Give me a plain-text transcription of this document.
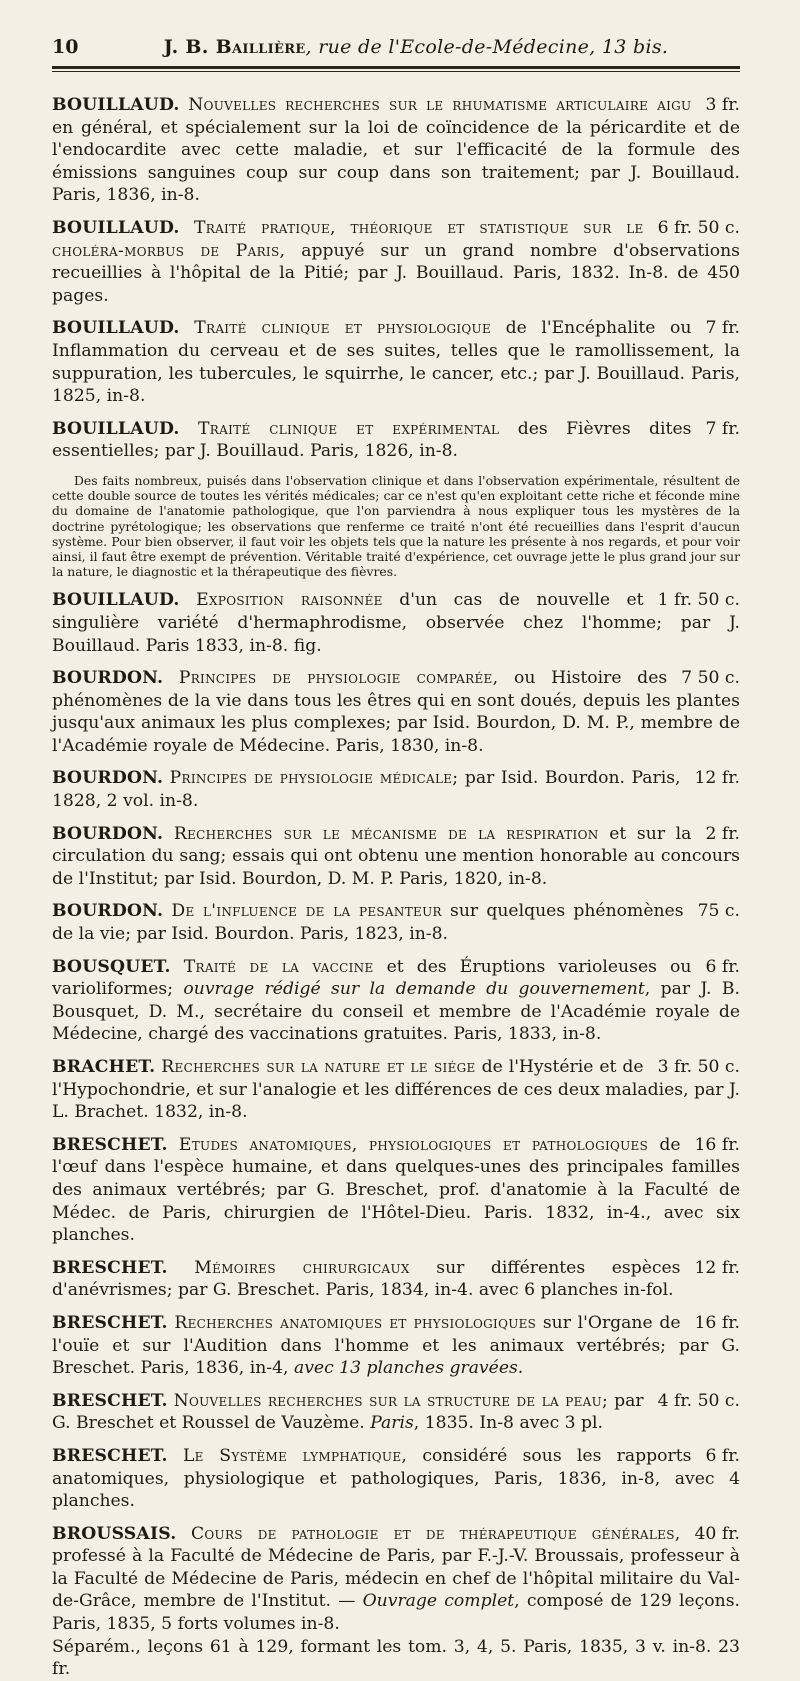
10	J. B. Baillière, rue de l'Ecole-de-Médecine, 13 bis.
3 fr.
BOUILLAUD. Nouvelles recherches sur le rhumatisme articulaire aigu en général, et spécialement sur la loi de coïncidence de la péricardite et de l'endocardite avec cette maladie, et sur l'efficacité de la formule des émissions sanguines coup sur coup dans son traitement; par J. Bouillaud. Paris, 1836, in-8.
6 fr. 50 c.
BOUILLAUD. Traité pratique, théorique et statistique sur le choléra-morbus de Paris, appuyé sur un grand nombre d'observations recueillies à l'hôpital de la Pitié; par J. Bouillaud. Paris, 1832. In-8. de 450 pages.
7 fr.
BOUILLAUD. Traité clinique et physiologique de l'Encéphalite ou Inflammation du cerveau et de ses suites, telles que le ramollissement, la suppuration, les tubercules, le squirrhe, le cancer, etc.; par J. Bouillaud. Paris, 1825, in-8.
7 fr.
BOUILLAUD. Traité clinique et expérimental des Fièvres dites essentielles; par J. Bouillaud. Paris, 1826, in-8.
Des faits nombreux, puisés dans l'observation clinique et dans l'observation expérimentale, résultent de cette double source de toutes les vérités médicales; car ce n'est qu'en exploitant cette riche et féconde mine du domaine de l'anatomie pathologique, que l'on parviendra à nous expliquer tous les mystères de la doctrine pyrétologique; les observations que renferme ce traité n'ont été recueillies dans l'esprit d'aucun système. Pour bien observer, il faut voir les objets tels que la nature les présente à nos regards, et pour voir ainsi, il faut être exempt de prévention. Véritable traité d'expérience, cet ouvrage jette le plus grand jour sur la nature, le diagnostic et la thérapeutique des fièvres.
1 fr. 50 c.
BOUILLAUD. Exposition raisonnée d'un cas de nouvelle et singulière variété d'hermaphrodisme, observée chez l'homme; par J. Bouillaud. Paris 1833, in-8. fig.
7 50 c.
BOURDON. Principes de physiologie comparée, ou Histoire des phénomènes de la vie dans tous les êtres qui en sont doués, depuis les plantes jusqu'aux animaux les plus complexes; par Isid. Bourdon, D. M. P., membre de l'Académie royale de Médecine. Paris, 1830, in-8.
12 fr.
BOURDON. Principes de physiologie médicale; par Isid. Bourdon. Paris, 1828, 2 vol. in-8.
2 fr.
BOURDON. Recherches sur le mécanisme de la respiration et sur la circulation du sang; essais qui ont obtenu une mention honorable au concours de l'Institut; par Isid. Bourdon, D. M. P. Paris, 1820, in-8.
75 c.
BOURDON. De l'influence de la pesanteur sur quelques phénomènes de la vie; par Isid. Bourdon. Paris, 1823, in-8.
6 fr.
BOUSQUET. Traité de la vaccine et des Éruptions varioleuses ou varioliformes; ouvrage rédigé sur la demande du gouvernement, par J. B. Bousquet, D. M., secrétaire du conseil et membre de l'Académie royale de Médecine, chargé des vaccinations gratuites. Paris, 1833, in-8.
3 fr. 50 c.
BRACHET. Recherches sur la nature et le siége de l'Hystérie et de l'Hypochondrie, et sur l'analogie et les différences de ces deux maladies, par J. L. Brachet. 1832, in-8.
16 fr.
BRESCHET. Etudes anatomiques, physiologiques et pathologiques de l'œuf dans l'espèce humaine, et dans quelques-unes des principales familles des animaux vertébrés; par G. Breschet, prof. d'anatomie à la Faculté de Médec. de Paris, chirurgien de l'Hôtel-Dieu. Paris. 1832, in-4., avec six planches.
12 fr.
BRESCHET. Mémoires chirurgicaux sur différentes espèces d'anévrismes; par G. Breschet. Paris, 1834, in-4. avec 6 planches in-fol.
16 fr.
BRESCHET. Recherches anatomiques et physiologiques sur l'Organe de l'ouïe et sur l'Audition dans l'homme et les animaux vertébrés; par G. Breschet. Paris, 1836, in-4, avec 13 planches gravées.
4 fr. 50 c.
BRESCHET. Nouvelles recherches sur la structure de la peau; par G. Breschet et Roussel de Vauzème. Paris, 1835. In-8 avec 3 pl.
6 fr.
BRESCHET. Le Système lymphatique, considéré sous les rapports anatomiques, physiologique et pathologiques, Paris, 1836, in-8, avec 4 planches.
40 fr.
BROUSSAIS. Cours de pathologie et de thérapeutique générales, professé à la Faculté de Médecine de Paris, par F.-J.-V. Broussais, professeur à la Faculté de Médecine de Paris, médecin en chef de l'hôpital militaire du Val-de-Grâce, membre de l'Institut. — Ouvrage complet, composé de 129 leçons. Paris, 1835, 5 forts volumes in-8.
Séparém., leçons 61 à 129, formant les tom. 3, 4, 5. Paris, 1835, 3 v. in-8. 23 fr.
